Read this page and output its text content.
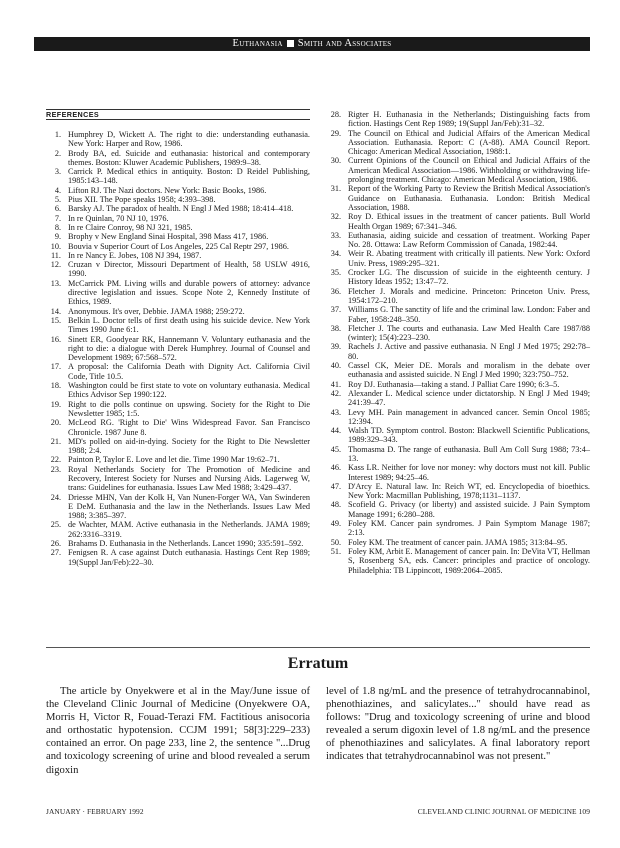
Euthanasia Smith and Associates
REFERENCES
1. Humphrey D, Wickett A. The right to die: understanding euthanasia. New York: Harper and Row, 1986.
2. Brody BA, ed. Suicide and euthanasia: historical and contemporary themes. Boston: Kluwer Academic Publishers, 1989:9–38.
3. Carrick P. Medical ethics in antiquity. Boston: D Reidel Publishing, 1985:143–148.
4. Lifton RJ. The Nazi doctors. New York: Basic Books, 1986.
5. Pius XII. The Pope speaks 1958; 4:393–398.
6. Barsky AJ. The paradox of health. N Engl J Med 1988; 18:414–418.
7. In re Quinlan, 70 NJ 10, 1976.
8. In re Claire Conroy, 98 NJ 321, 1985.
9. Brophy v New England Sinai Hospital, 398 Mass 417, 1986.
10. Bouvia v Superior Court of Los Angeles, 225 Cal Reptr 297, 1986.
11. In re Nancy E. Jobes, 108 NJ 394, 1987.
12. Cruzan v Director, Missouri Department of Health, 58 USLW 4916, 1990.
13. McCarrick PM. Living wills and durable powers of attorney: advance directive legislation and issues. Scope Note 2, Kennedy Institute of Ethics, 1989.
14. Anonymous. It's over, Debbie. JAMA 1988; 259:272.
15. Belkin L. Doctor tells of first death using his suicide device. New York Times 1990 June 6:1.
16. Sinett ER, Goodyear RK, Hannemann V. Voluntary euthanasia and the right to die: a dialogue with Derek Humphrey. Journal of Counsel and Development 1989; 67:568–572.
17. A proposal: the California Death with Dignity Act. California Civil Code, Title 10.5.
18. Washington could be first state to vote on voluntary euthanasia. Medical Ethics Advisor Sep 1990:122.
19. Right to die polls continue on upswing. Society for the Right to Die Newsletter 1985; 1:5.
20. McLeod RG. 'Right to Die' Wins Widespread Favor. San Francisco Chronicle. 1987 June 8.
21. MD's polled on aid-in-dying. Society for the Right to Die Newsletter 1988; 2:4.
22. Painton P, Taylor E. Love and let die. Time 1990 Mar 19:62–71.
23. Royal Netherlands Society for The Promotion of Medicine and Recovery, Interest Society for Nurses and Nursing Aids. Lagerweg W, trans: Guidelines for euthanasia. Issues Law Med 1988; 3:429–437.
24. Driesse MHN, Van der Kolk H, Van Nunen-Forger WA, Van Swinderen E DeM. Euthanasia and the law in the Netherlands. Issues Law Med 1988; 3:385–397.
25. de Wachter, MAM. Active euthanasia in the Netherlands. JAMA 1989; 262:3316–3319.
26. Brahams D. Euthanasia in the Netherlands. Lancet 1990; 335:591–592.
27. Fenigsen R. A case against Dutch euthanasia. Hastings Cent Rep 1989; 19(Suppl Jan/Feb):22–30.
28. Rigter H. Euthanasia in the Netherlands; Distinguishing facts from fiction. Hastings Cent Rep 1989; 19(Suppl Jan/Feb):31–32.
29. The Council on Ethical and Judicial Affairs of the American Medical Association. Euthanasia. Report: C (A-88). AMA Council Report. Chicago: American Medical Association, 1988:1.
30. Current Opinions of the Council on Ethical and Judicial Affairs of the American Medical Association—1986. Withholding or withdrawing life-prolonging treatment. Chicago: American Medical Association, 1986.
31. Report of the Working Party to Review the British Medical Association's Guidance on Euthanasia. Euthanasia. London: British Medical Association, 1988.
32. Roy D. Ethical issues in the treatment of cancer patients. Bull World Health Organ 1989; 67:341–346.
33. Euthanasia, aiding suicide and cessation of treatment. Working Paper No. 28. Ottawa: Law Reform Commission of Canada, 1982:44.
34. Weir R. Abating treatment with critically ill patients. New York: Oxford Univ. Press, 1989:295–321.
35. Crocker LG. The discussion of suicide in the eighteenth century. J History Ideas 1952; 13:47–72.
36. Fletcher J. Morals and medicine. Princeton: Princeton Univ. Press, 1954:172–210.
37. Williams G. The sanctity of life and the criminal law. London: Faber and Faber, 1958:248–350.
38. Fletcher J. The courts and euthanasia. Law Med Health Care 1987/88 (winter); 15(4):223–230.
39. Rachels J. Active and passive euthanasia. N Engl J Med 1975; 292:78–80.
40. Cassel CK, Meier DE. Morals and moralism in the debate over euthanasia and assisted suicide. N Engl J Med 1990; 323:750–752.
41. Roy DJ. Euthanasia—taking a stand. J Palliat Care 1990; 6:3–5.
42. Alexander L. Medical science under dictatorship. N Engl J Med 1949; 241:39–47.
43. Levy MH. Pain management in advanced cancer. Semin Oncol 1985; 12:394.
44. Walsh TD. Symptom control. Boston: Blackwell Scientific Publications, 1989:329–343.
45. Thomasma D. The range of euthanasia. Bull Am Coll Surg 1988; 73:4–13.
46. Kass LR. Neither for love nor money: why doctors must not kill. Public Interest 1989; 94:25–46.
47. D'Arcy E. Natural law. In: Reich WT, ed. Encyclopedia of bioethics. New York: Macmillan Publishing, 1978;1131–1137.
48. Scofield G. Privacy (or liberty) and assisted suicide. J Pain Symptom Manage 1991; 6:280–288.
49. Foley KM. Cancer pain syndromes. J Pain Symptom Manage 1987; 2:13.
50. Foley KM. The treatment of cancer pain. JAMA 1985; 313:84–95.
51. Foley KM, Arbit E. Management of cancer pain. In: DeVita VT, Hellman S, Rosenberg SA, eds. Cancer: principles and practice of oncology. Philadelphia: TB Lippincott, 1989:2064–2085.
Erratum
The article by Onyekwere et al in the May/June issue of the Cleveland Clinic Journal of Medicine (Onyekwere OA, Morris H, Victor R, Fouad-Terazi FM. Factitious anisocoria and orthostatic hypotension. CCJM 1991; 58[3]:229–233) contained an error. On page 233, line 2, the sentence "...Drug and toxicology screening of urine and blood revealed a serum digoxin
level of 1.8 ng/mL and the presence of tetrahydrocannabinol, phenothiazines, and salicylates..." should have read as follows: "Drug and toxicology screening of urine and blood revealed a serum digoxin level of 1.8 ng/mL and the presence of phenothiazines and salicylates. A final laboratory report indicates that tetrahydrocannabinol was not present."
JANUARY · FEBRUARY 1992	CLEVELAND CLINIC JOURNAL OF MEDICINE 109
